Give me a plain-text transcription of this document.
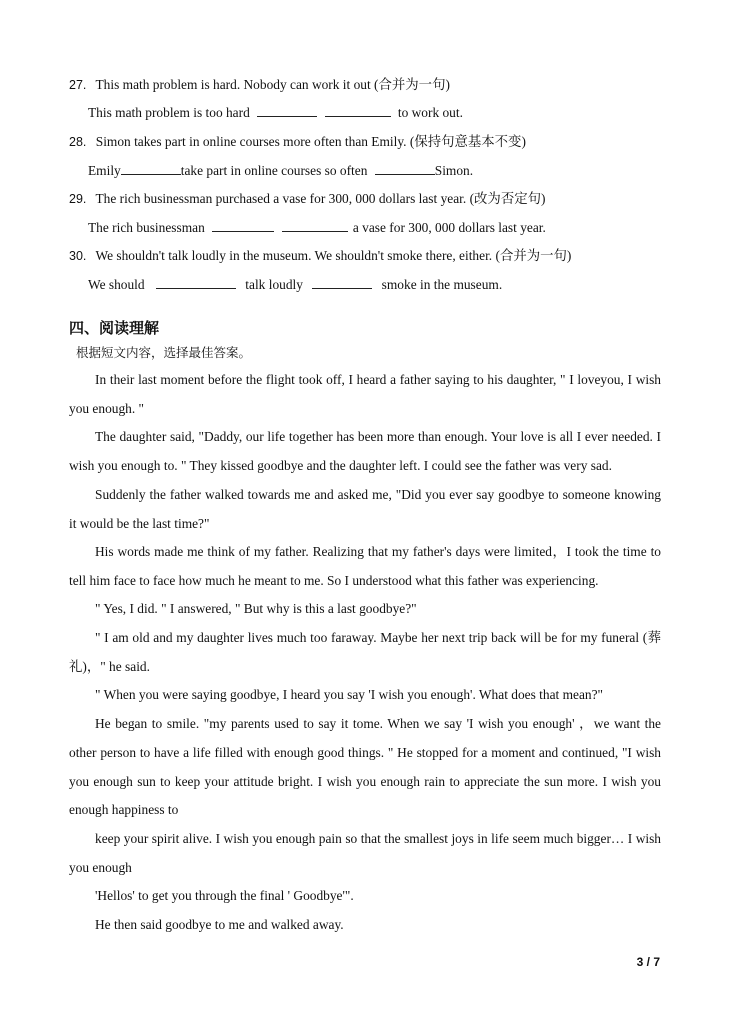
27. This math problem is hard. Nobody can work it out (合并为一句)
This math problem is too hard	to work out.
28. Simon takes part in online courses more often than Emily. (保持句意基本不变)
Emily	take part in online courses so often	Simon.
29. The rich businessman purchased a vase for 300, 000 dollars last year. (改为否定句)
The rich businessman	a vase for 300, 000 dollars last year.
30. We shouldn't talk loudly in the museum. We shouldn't smoke there, either. (合并为一句)
We should	talk loudly	smoke in the museum.
四、阅读理解
根据短文内容，选择最佳答案。
In their last moment before the flight took off, I heard a father saying to his daughter, " I loveyou, I wish you enough. "
The daughter said, "Daddy, our life together has been more than enough. Your love is all I ever needed. I wish you enough to. " They kissed goodbye and the daughter left. I could see the father was very sad.
Suddenly the father walked towards me and asked me, "Did you ever say goodbye to someone knowing it would be the last time?"
His words made me think of my father. Realizing that my father's days were limited，I took the time to tell him face to face how much he meant to me. So I understood what this father was experiencing.
" Yes, I did. " I answered, " But why is this a last goodbye?"
" I am old and my daughter lives much too faraway. Maybe her next trip back will be for my funeral (葬礼)，" he said.
" When you were saying goodbye, I heard you say 'I wish you enough'. What does that mean?"
He began to smile. "my parents used to say it tome. When we say 'I wish you enough' ，we want the other person to have a life filled with enough good things. " He stopped for a moment and continued, "I wish you enough sun to keep your attitude bright. I wish you enough rain to appreciate the sun more. I wish you enough happiness to
keep your spirit alive. I wish you enough pain so that the smallest joys in life seem much bigger… I wish you enough
'Hellos' to get you through the final ' Goodbye'".
He then said goodbye to me and walked away.
3 / 7
